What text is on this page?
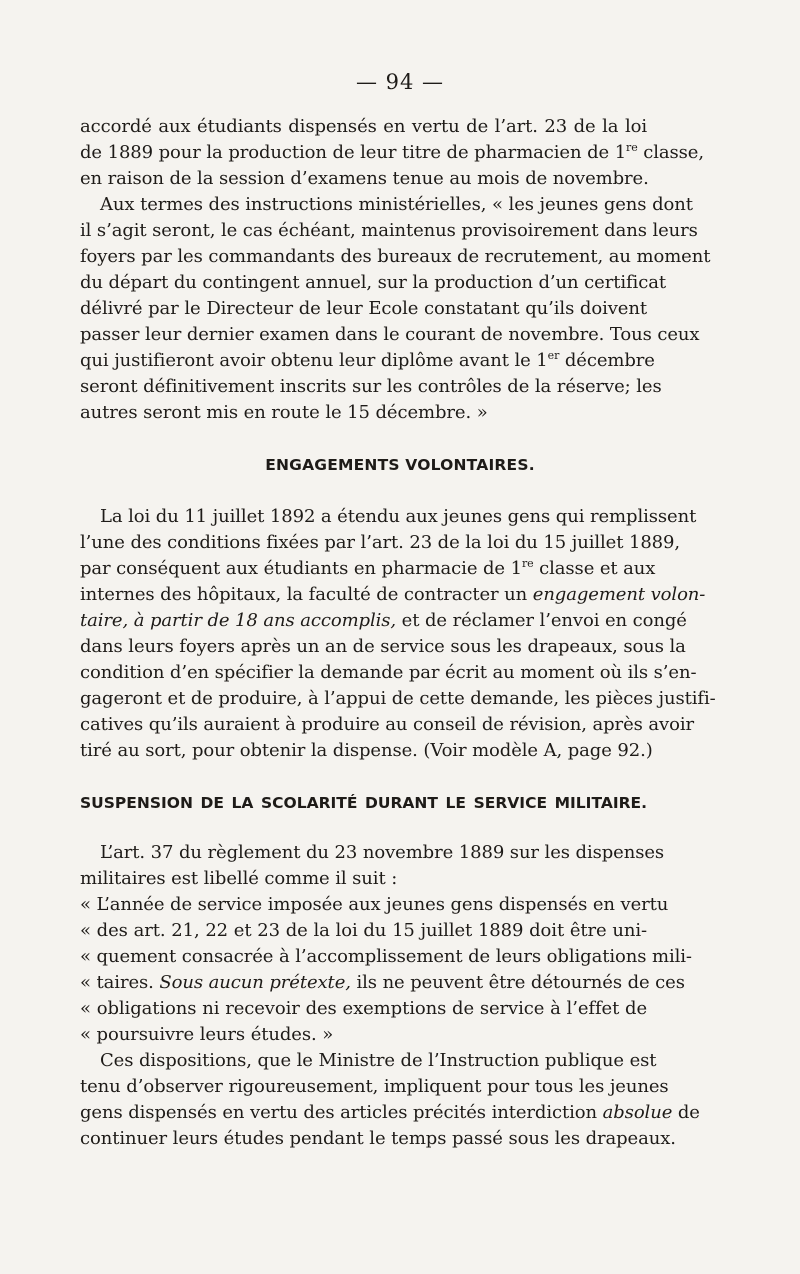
— 94 —
accordé aux étudiants dispensés en vertu de l’art. 23 de la loi
de 1889 pour la production de leur titre de pharmacien de 1re classe,
en raison de la session d’examens tenue au mois de novembre.
Aux termes des instructions ministérielles, « les jeunes gens dont
il s’agit seront, le cas échéant, maintenus provisoirement dans leurs
foyers par les commandants des bureaux de recrutement, au moment
du départ du contingent annuel, sur la production d’un certificat
délivré par le Directeur de leur Ecole constatant qu’ils doivent
passer leur dernier examen dans le courant de novembre. Tous ceux
qui justifieront avoir obtenu leur diplôme avant le 1er décembre
seront définitivement inscrits sur les contrôles de la réserve; les
autres seront mis en route le 15 décembre. »
ENGAGEMENTS VOLONTAIRES.
La loi du 11 juillet 1892 a étendu aux jeunes gens qui remplissent
l’une des conditions fixées par l’art. 23 de la loi du 15 juillet 1889,
par conséquent aux étudiants en pharmacie de 1re classe et aux
internes des hôpitaux, la faculté de contracter un engagement volon-
taire, à partir de 18 ans accomplis, et de réclamer l’envoi en congé
dans leurs foyers après un an de service sous les drapeaux, sous la
condition d’en spécifier la demande par écrit au moment où ils s’en-
gageront et de produire, à l’appui de cette demande, les pièces justifi-
catives qu’ils auraient à produire au conseil de révision, après avoir
tiré au sort, pour obtenir la dispense. (Voir modèle A, page 92.)
SUSPENSION DE LA SCOLARITÉ DURANT LE SERVICE MILITAIRE.
L’art. 37 du règlement du 23 novembre 1889 sur les dispenses
militaires est libellé comme il suit :
« L’année de service imposée aux jeunes gens dispensés en vertu
« des art. 21, 22 et 23 de la loi du 15 juillet 1889 doit être uni-
« quement consacrée à l’accomplissement de leurs obligations mili-
« taires. Sous aucun prétexte, ils ne peuvent être détournés de ces
« obligations ni recevoir des exemptions de service à l’effet de
« poursuivre leurs études. »
Ces dispositions, que le Ministre de l’Instruction publique est
tenu d’observer rigoureusement, impliquent pour tous les jeunes
gens dispensés en vertu des articles précités interdiction absolue de
continuer leurs études pendant le temps passé sous les drapeaux.
